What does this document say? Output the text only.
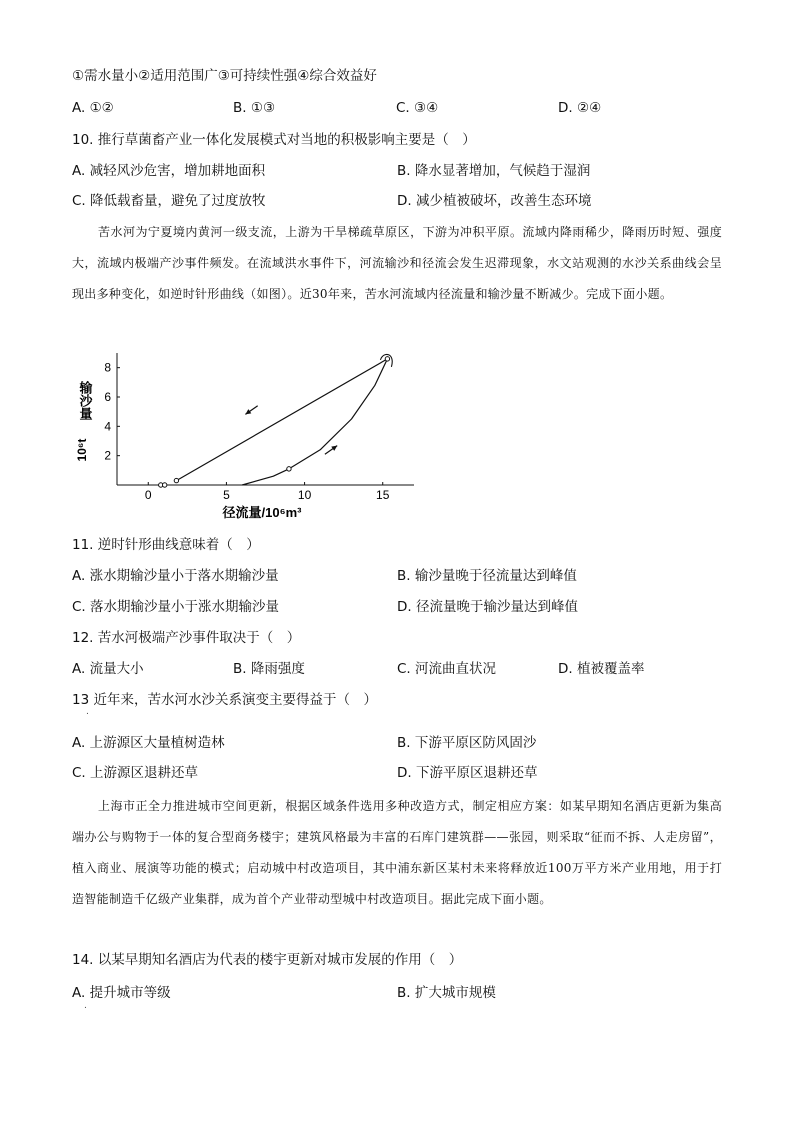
①需水量小②适用范围广③可持续性强④综合效益好
A. ①②	B. ①③	C. ③④	D. ②④
10. 推行草菌畜产业一体化发展模式对当地的积极影响主要是（　）
A. 减轻风沙危害，增加耕地面积	B. 降水显著增加，气候趋于湿润
C. 降低载畜量，避免了过度放牧	D. 减少植被破坏，改善生态环境
苦水河为宁夏境内黄河一级支流，上游为干旱梯疏草原区，下游为冲积平原。流域内降雨稀少，降雨历时短、强度大，流域内极端产沙事件频发。在流域洪水事件下，河流输沙和径流会发生迟滞现象，水文站观测的水沙关系曲线会呈现出多种变化，如逆时针形曲线（如图）。近30年来，苦水河流域内径流量和输沙量不断减少。完成下面小题。
0	5	10	15
2
4
6
8
输沙量
10⁶t
径流量/10⁶m³
11. 逆时针形曲线意味着（　）
A. 涨水期输沙量小于落水期输沙量	B. 输沙量晚于径流量达到峰值
C. 落水期输沙量小于涨水期输沙量	D. 径流量晚于输沙量达到峰值
12. 苦水河极端产沙事件取决于（　）
A. 流量大小	B. 降雨强度	C. 河流曲直状况	D. 植被覆盖率
13 近年来，苦水河水沙关系演变主要得益于（　）
.
A. 上游源区大量植树造林	B. 下游平原区防风固沙
C. 上游源区退耕还草	D. 下游平原区退耕还草
上海市正全力推进城市空间更新，根据区域条件选用多种改造方式，制定相应方案：如某早期知名酒店更新为集高端办公与购物于一体的复合型商务楼宇；建筑风格最为丰富的石库门建筑群——张园，则采取“征而不拆、人走房留”，植入商业、展演等功能的模式；启动城中村改造项目，其中浦东新区某村未来将释放近100万平方米产业用地，用于打造智能制造千亿级产业集群，成为首个产业带动型城中村改造项目。据此完成下面小题。
14. 以某早期知名酒店为代表的楼宇更新对城市发展的作用（　）
A. 提升城市等级	B. 扩大城市规模
.
